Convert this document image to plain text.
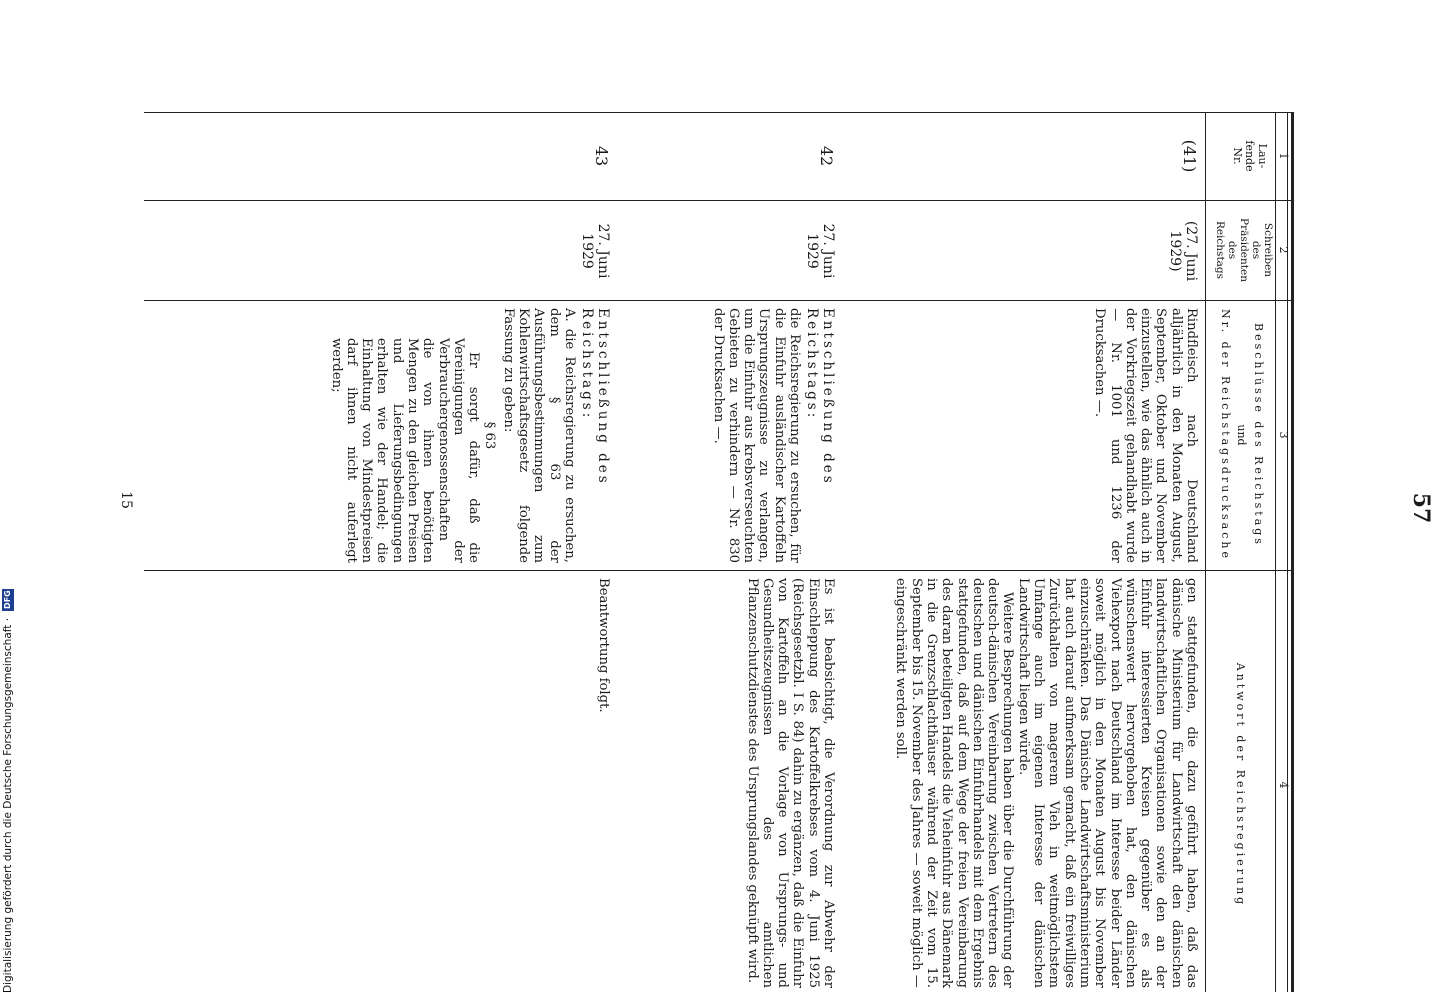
57
1
2
3
4
Lau-
fende
Nr.
Schreiben
des
Präsidenten
des
Reichstags
Beschlüsse des Reichstags
und
Nr. der Reichstagsdrucksache
Antwort der Reichsregierung
(41)
(27. Juni 1929)
Rindfleisch nach Deutschland alljährlich in den Monaten August, September, Oktober und November einzustellen, wie das ähnlich auch in der Vorkriegszeit gehandhabt wurde — Nr. 1001 und 1236 der Drucksachen —.

gen stattgefunden, die dazu geführt haben, daß das dänische Ministerium für Landwirtschaft den dänischen landwirtschaftlichen Organisationen sowie den an der Einfuhr interessierten Kreisen gegenüber es als wünschenswert hervorgehoben hat, den dänischen Viehexport nach Deutschland im Interesse beider Länder soweit möglich in den Monaten August bis November einzuschränken. Das Dänische Landwirtschaftsministerium hat auch darauf aufmerksam gemacht, daß ein freiwilliges Zurückhalten von magerem Vieh in weitmöglichstem Umfange auch im eigenen Interesse der dänischen Landwirtschaft liegen würde.

Weitere Besprechungen haben über die Durchführung der deutsch-dänischen Vereinbarung zwischen Vertretern des deutschen und dänischen Einfuhrhandels mit dem Ergebnis stattgefunden, daß auf dem Wege der freien Vereinbarung des daran beteiligten Handels die Vieheinfuhr aus Dänemark in die Grenzschlachthäuser während der Zeit vom 15. September bis 15. November des Jahres — soweit möglich — eingeschränkt werden soll.

42
27. Juni 1929
Entschließung des Reichstags:
die Reichsregierung zu ersuchen, für die Einfuhr ausländischer Kartoffeln Ursprungszeugnisse zu verlangen, um die Einfuhr aus krebsverseuchten Gebieten zu verhindern — Nr. 830 der Drucksachen —.
Es ist beabsichtigt, die Verordnung zur Abwehr der Einschleppung des Kartoffelkrebses vom 4. Juni 1925 (Reichsgesetzbl. I S. 84) dahin zu ergänzen, daß die Einfuhr von Kartoffeln an die Vorlage von Ursprungs- und Gesundheitszeugnissen des amtlichen Pflanzenschutzdienstes des Ursprungslandes geknüpft wird.
43
27. Juni 1929
Entschließung des Reichstags:
A. die Reichsregierung zu ersuchen, dem § 63 der Ausführungsbestimmungen zum Kohlenwirtschaftsgesetz folgende Fassung zu geben:
§ 63
Er sorgt dafür, daß die Vereinigungen der Verbrauchergenossenschaften die von ihnen benötigten Mengen zu den gleichen Preisen und Lieferungsbedingungen erhalten wie der Handel; die Einhaltung von Mindestpreisen darf ihnen nicht auferlegt werden;
Beantwortung folgt.
15
Digitalisierung gefördert durch die Deutsche Forschungsgemeinschaft · DFG
